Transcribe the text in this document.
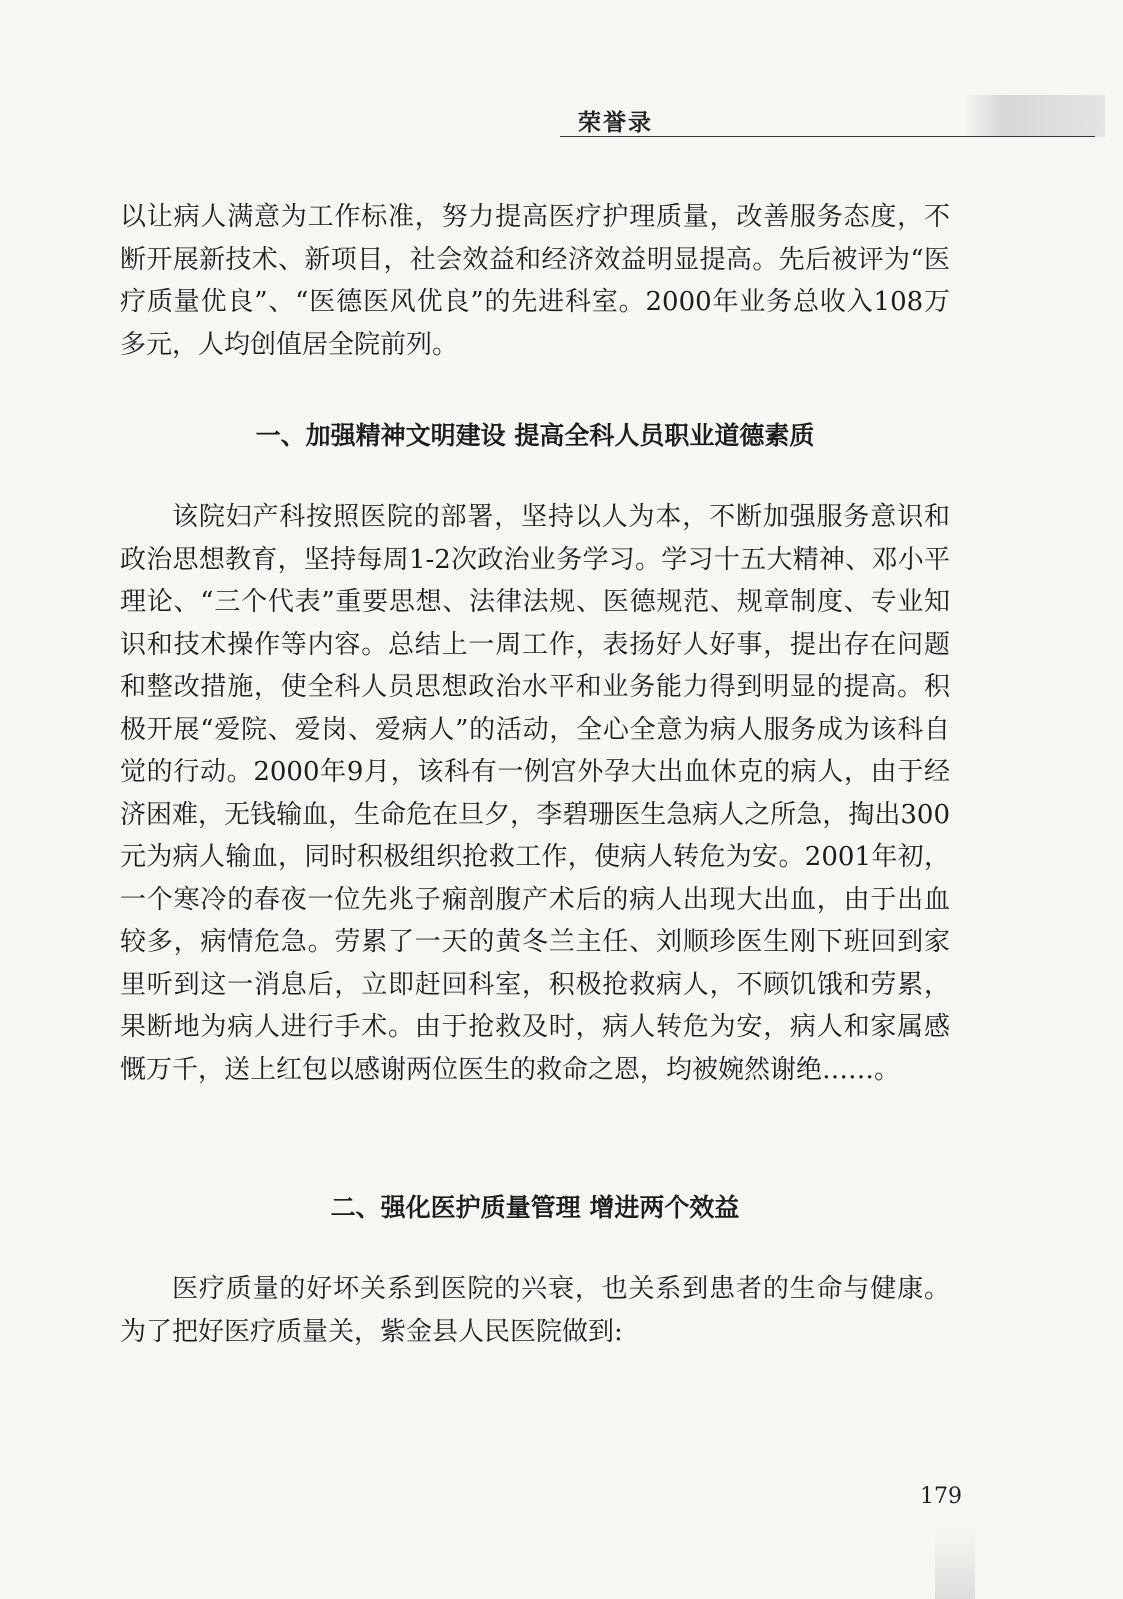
荣誉录

以让病人满意为工作标准，努力提高医疗护理质量，改善服务态度，不断开展新技术、新项目，社会效益和经济效益明显提高。先后被评为“医疗质量优良”、“医德医风优良”的先进科室。2000年业务总收入108万多元，人均创值居全院前列。

一、加强精神文明建设 提高全科人员职业道德素质

该院妇产科按照医院的部署，坚持以人为本，不断加强服务意识和政治思想教育，坚持每周1-2次政治业务学习。学习十五大精神、邓小平理论、“三个代表”重要思想、法律法规、医德规范、规章制度、专业知识和技术操作等内容。总结上一周工作，表扬好人好事，提出存在问题和整改措施，使全科人员思想政治水平和业务能力得到明显的提高。积极开展“爱院、爱岗、爱病人”的活动，全心全意为病人服务成为该科自觉的行动。2000年9月，该科有一例宫外孕大出血休克的病人，由于经济困难，无钱输血，生命危在旦夕，李碧珊医生急病人之所急，掏出300元为病人输血，同时积极组织抢救工作，使病人转危为安。2001年初，一个寒冷的春夜一位先兆子痫剖腹产术后的病人出现大出血，由于出血较多，病情危急。劳累了一天的黄冬兰主任、刘顺珍医生刚下班回到家里听到这一消息后，立即赶回科室，积极抢救病人，不顾饥饿和劳累，果断地为病人进行手术。由于抢救及时，病人转危为安，病人和家属感慨万千，送上红包以感谢两位医生的救命之恩，均被婉然谢绝……。

二、强化医护质量管理 增进两个效益

医疗质量的好坏关系到医院的兴衰，也关系到患者的生命与健康。为了把好医疗质量关，紫金县人民医院做到:

179
